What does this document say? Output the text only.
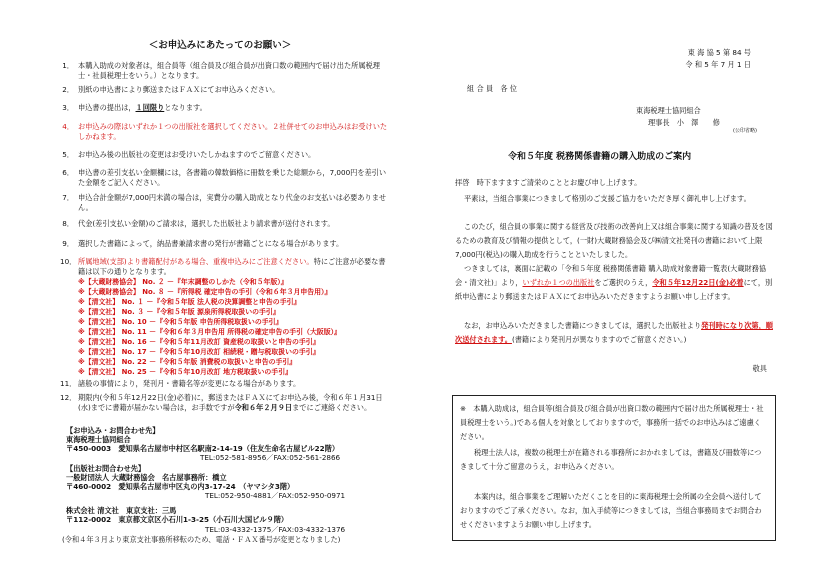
＜お申込みにあたってのお願い＞
1． 本購入助成の対象者は，組合員等（組合員及び組合員が出資口数の範囲内で届け出た所属税理士・社員税理士をいう。）となります。
2． 別紙の申込書により郵送またはＦＡＸにてお申込みください。
3． 申込書の提出は，１回限りとなります。
4． お申込みの際はいずれか１つの出版社を選択してください。２社併せてのお申込みはお受けいたしかねます。
5． お申込み後の出版社の変更はお受けいたしかねますのでご留意ください。
6． 申込書の差引支払い金額欄には，各書籍の韓数価格に冊数を乗じた総額から，7,000円を差引いた金額をご記入ください。
7． 申込合計金額が7,000円未満の場合は，実費分の購入助成となり代金のお支払いは必要ありません。
8． 代金(差引支払い金額)のご請求は，選択した出版社より請求書が送付されます。
9． 選択した書籍によって，納品書兼請求書の発行が書籍ごとになる場合があります。
10． 所属地域(支部)より書籍配付がある場合、重複申込みにご注意ください。特にご注意が必要な書籍は以下の通りとなります。
※【大蔵財務協会】 No. ２ －『年末調整のしかた（令和５年版）』
※【大蔵財務協会】 No. ８ －『所得税 確定申告の手引（令和６年３月申告用）』
※【清文社】 No. １ －『令和５年版 法人税の決算調整と申告の手引』
※【清文社】 No. ３ －『令和５年版 源泉所得税取扱いの手引』
※【清文社】 No. 10 －『令和５年版 申告所得税取扱いの手引』
※【清文社】 No. 11 －『令和６年３月申告用 所得税の確定申告の手引（大阪版）』
※【清文社】 No. 16 －『令和５年11月改訂 資産税の取扱いと申告の手引』
※【清文社】 No. 17 －『令和５年10月改訂 相続税・贈与税取扱いの手引』
※【清文社】 No. 22 －『令和５年版 消費税の取扱いと申告の手引』
※【清文社】 No. 25 －『令和５年10月改訂 地方税取扱いの手引』
11． 諸般の事情により，発刊月・書籍名等が変更になる場合があります。
12． 期限内(令和５年12月22日(金)必着)に，郵送またはＦＡＸにてお申込み後，令和６年１月31日(水)までに書籍が届かない場合は，お手数ですが令和６年２月９日までにご連絡ください。
【お申込み・お問合わせ先】
東海税理士協同組合
〒450-0003　愛知県名古屋市中村区名駅南2-14-19（住友生命名古屋ビル22階）
TEL:052-581-8956／FAX:052-561-2866
【出版社お問合わせ先】
一般財団法人 大蔵財務協会　名古屋事務所：橋立
〒460-0002　愛知県名古屋市中区丸の内3-17-24　（ヤマシタ3階）
TEL:052-950-4881／FAX:052-950-0971
株式会社 清文社　東京支社：三馬
〒112-0002　東京都文京区小石川1-3-25（小石川大国ビル９階）
TEL:03-4332-1375／FAX:03-4332-1376
(令和４年３月より東京支社事務所移転のため、電話・ＦＡＸ番号が変更となりました)
東 海 協 5 第 84 号
令 和 5 年 7 月 1 日
組 合 員　各 位
東海税理士協同組合
理事長　小　澤　　修
(公印省略)
令和５年度 税務関係書籍の購入助成のご案内
拝啓　時下ますますご清栄のこととお慶び申し上げます。
平素は，当組合事業につきまして格別のご支援ご協力をいただき厚く御礼申し上げます。
このたび，組合員の事業に関する経営及び技術の改善向上又は組合事業に関する知識の普及を図るための教育及び情報の提供として，(一財)大蔵財務協会及び㈱清文社発刊の書籍において上限7,000円(税込)の購入助成を行うことといたしました。
つきましては，裏面に記載の「令和５年度 税務関係書籍 購入助成対象書籍一覧表(大蔵財務協会・清文社)」より，いずれか１つの出版社をご選択のうえ，令和５年12月22日(金)必着にて，別紙申込書により郵送またはＦＡＸにてお申込みいただきますようお願い申し上げます。
なお，お申込みいただきました書籍につきましては，選択した出版社より発刊時になり次第，順次送付されます。(書籍により発刊月が異なりますのでご留意ください。)
敬具
※　本購入助成は，組合員等(組合員及び組合員が出資口数の範囲内で届け出た所属税理士・社員税理士をいう。)である個人を対象としておりますので，事務所一括でのお申込みはご遠慮ください。
税理士法人は，複数の税理士が在籍される事務所におかれましては，書籍及び冊数等につきまして十分ご留意のうえ，お申込みください。
本案内は，組合事業をご理解いただくことを目的に東海税理士会所属の全会員へ送付しておりますのでご了承ください。なお，加入手続等につきましては，当組合事務局までお問合わせくださいますようお願い申し上げます。
